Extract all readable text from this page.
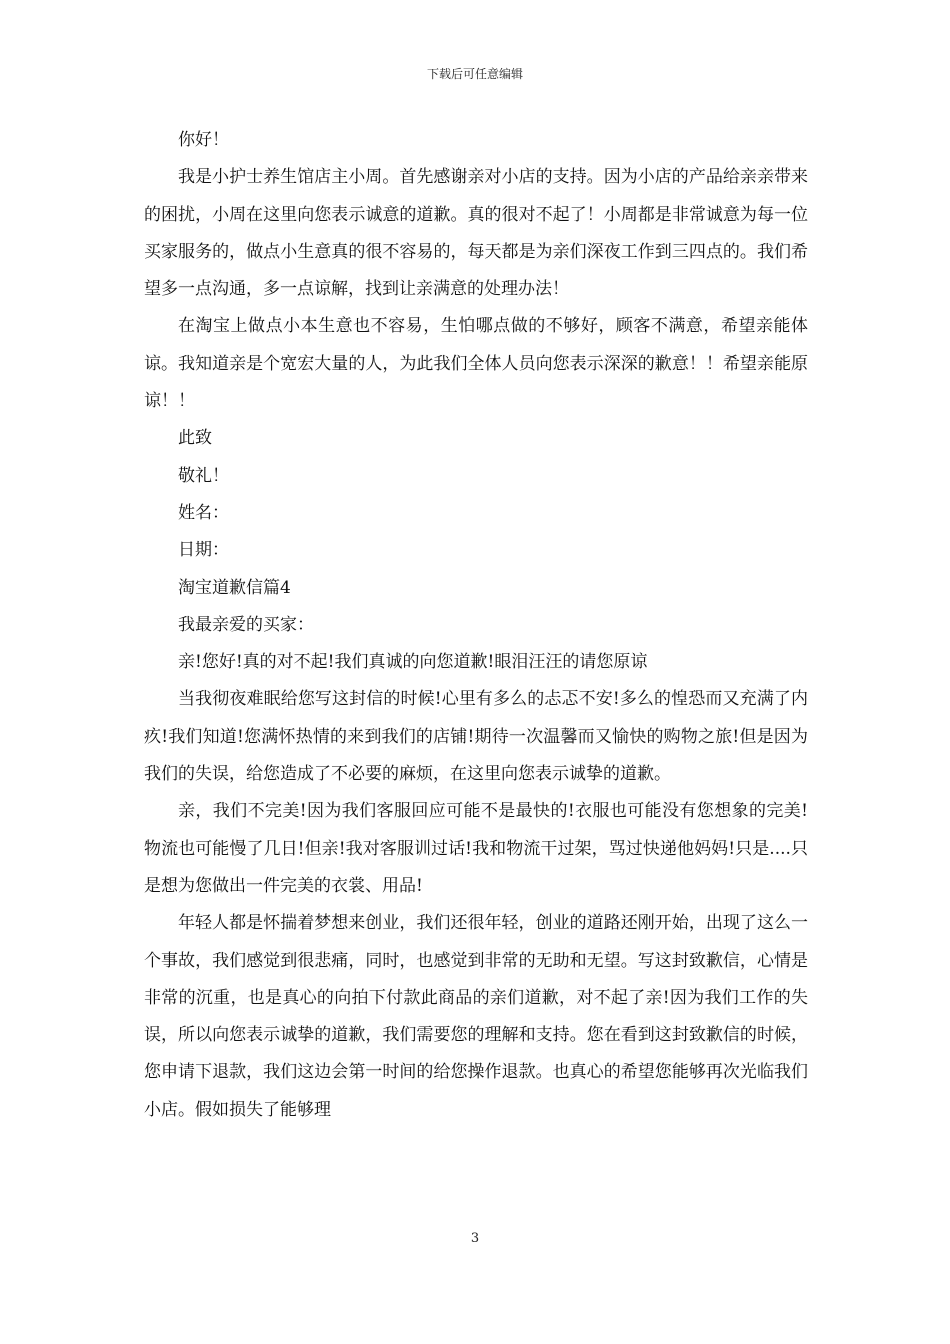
下载后可任意编辑

你好！

我是小护士养生馆店主小周。首先感谢亲对小店的支持。因为小店的产品给亲亲带来的困扰，小周在这里向您表示诚意的道歉。真的很对不起了！小周都是非常诚意为每一位买家服务的，做点小生意真的很不容易的，每天都是为亲们深夜工作到三四点的。我们希望多一点沟通，多一点谅解，找到让亲满意的处理办法！

在淘宝上做点小本生意也不容易，生怕哪点做的不够好，顾客不满意，希望亲能体谅。我知道亲是个宽宏大量的人，为此我们全体人员向您表示深深的歉意！！希望亲能原谅！！

此致

敬礼！

姓名：

日期：

淘宝道歉信篇4

我最亲爱的买家：

亲!您好!真的对不起!我们真诚的向您道歉!眼泪汪汪的请您原谅

当我彻夜难眠给您写这封信的时候!心里有多么的忐忑不安!多么的惶恐而又充满了内疚!我们知道!您满怀热情的来到我们的店铺!期待一次温馨而又愉快的购物之旅!但是因为我们的失误，给您造成了不必要的麻烦，在这里向您表示诚挚的道歉。

亲，我们不完美!因为我们客服回应可能不是最快的!衣服也可能没有您想象的完美!物流也可能慢了几日!但亲!我对客服训过话!我和物流干过架，骂过快递他妈妈!只是....只是想为您做出一件完美的衣裳、用品!

年轻人都是怀揣着梦想来创业，我们还很年轻，创业的道路还刚开始，出现了这么一个事故，我们感觉到很悲痛，同时，也感觉到非常的无助和无望。写这封致歉信，心情是非常的沉重，也是真心的向拍下付款此商品的亲们道歉，对不起了亲!因为我们工作的失误，所以向您表示诚挚的道歉，我们需要您的理解和支持。您在看到这封致歉信的时候，您申请下退款，我们这边会第一时间的给您操作退款。也真心的希望您能够再次光临我们小店。假如损失了能够理

3
